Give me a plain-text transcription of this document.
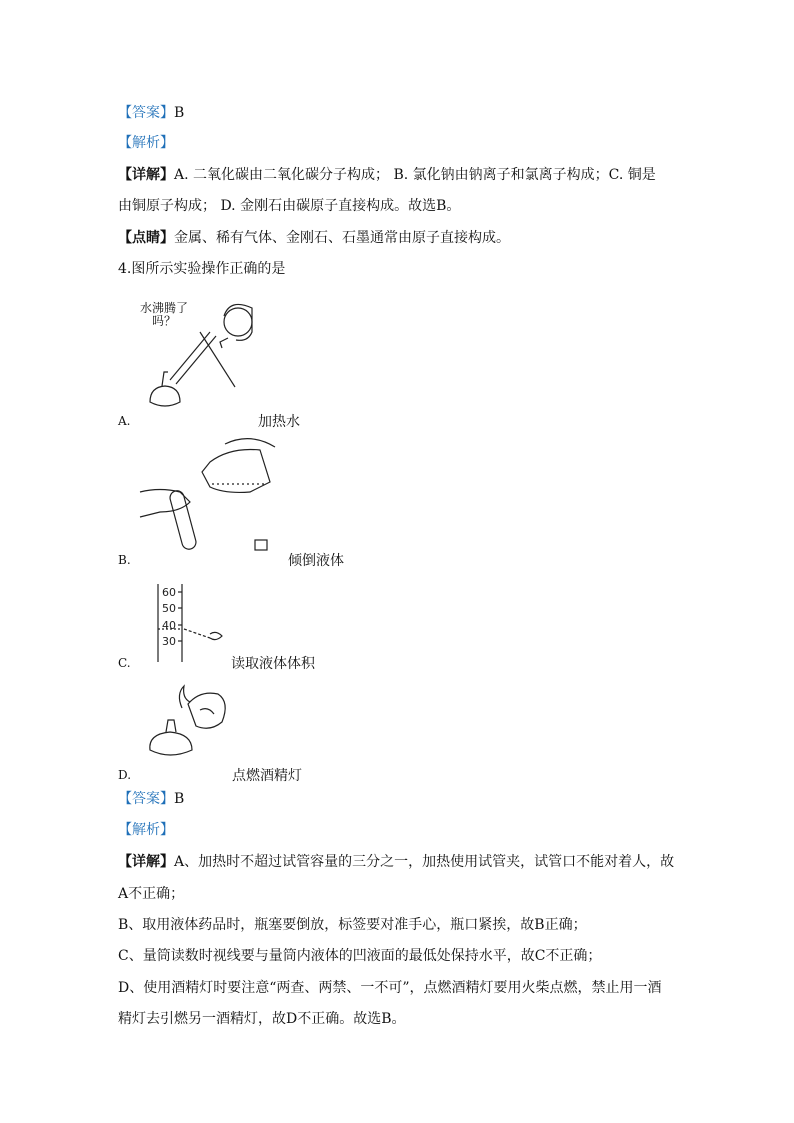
【答案】B
【解析】
【详解】A. 二氧化碳由二氧化碳分子构成； B. 氯化钠由钠离子和氯离子构成；C. 铜是
由铜原子构成； D. 金刚石由碳原子直接构成。故选B。
【点睛】金属、稀有气体、金刚石、石墨通常由原子直接构成。
4.图所示实验操作正确的是
水沸腾了
吗？
A.	加热水
B.	倾倒液体
60
50
40
30
C.	读取液体体积
D.	点燃酒精灯
【答案】B
【解析】
【详解】A、加热时不超过试管容量的三分之一，加热使用试管夹，试管口不能对着人，故
A不正确；
B、取用液体药品时，瓶塞要倒放，标签要对准手心，瓶口紧挨，故B正确；
C、量筒读数时视线要与量筒内液体的凹液面的最低处保持水平，故C不正确；
D、使用酒精灯时要注意“两查、两禁、一不可”，点燃酒精灯要用火柴点燃，禁止用一酒
精灯去引燃另一酒精灯，故D不正确。故选B。
